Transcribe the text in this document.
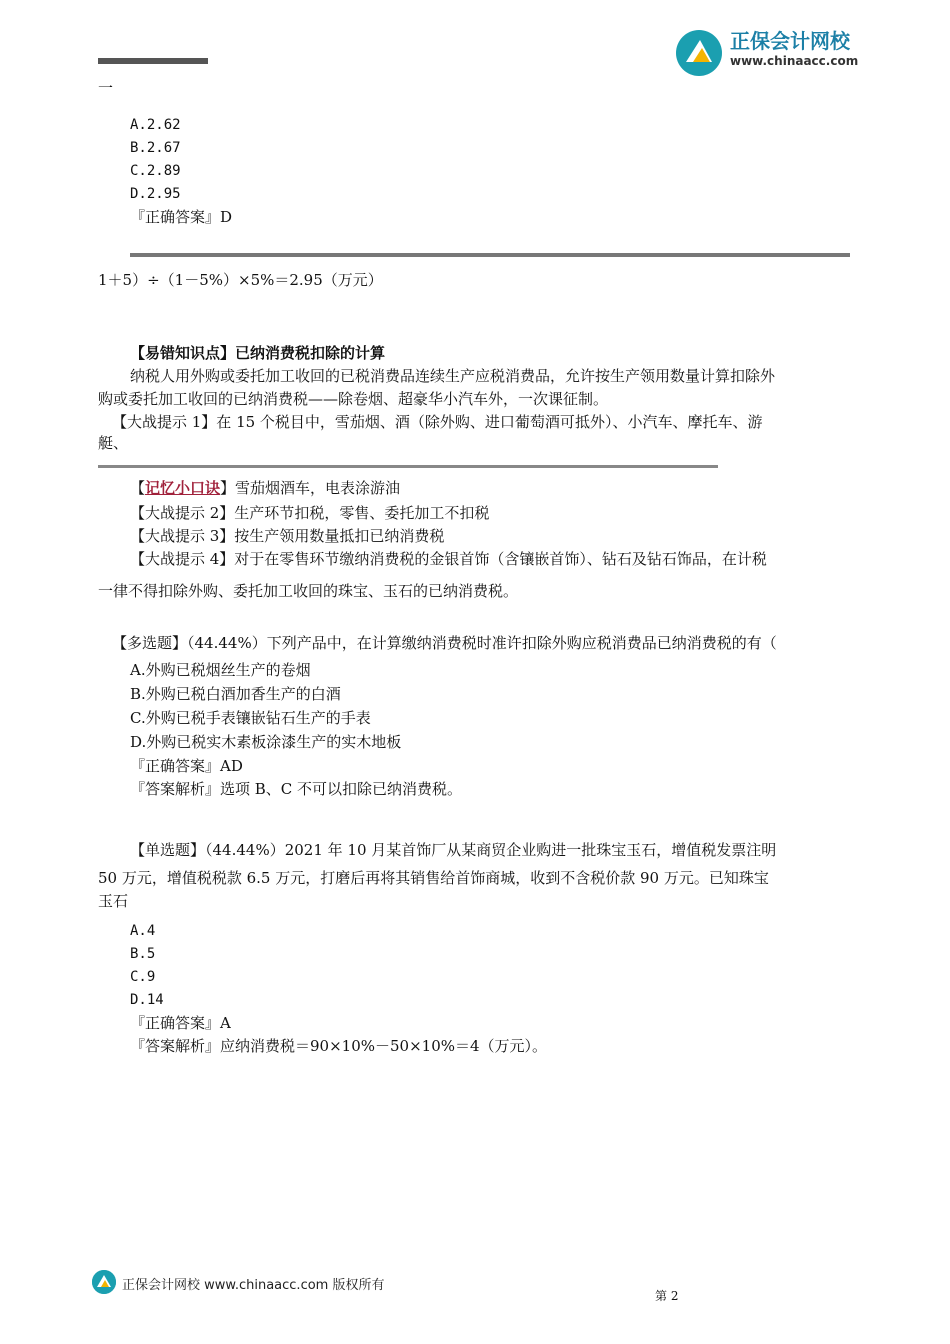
正保会计网校
www.chinaacc.com
一
A.2.62
B.2.67
C.2.89
D.2.95
『正确答案』D
1＋5）÷（1－5%）×5%＝2.95（万元）
【易错知识点】已纳消费税扣除的计算
纳税人用外购或委托加工收回的已税消费品连续生产应税消费品，允许按生产领用数量计算扣除外
购或委托加工收回的已纳消费税——除卷烟、超豪华小汽车外，一次课征制。
【大战提示 1】在 15 个税目中，雪茄烟、酒（除外购、进口葡萄酒可抵外）、小汽车、摩托车、游
艇、
【记忆小口诀】雪茄烟酒车，电表涂游油
【大战提示 2】生产环节扣税，零售、委托加工不扣税
【大战提示 3】按生产领用数量抵扣已纳消费税
【大战提示 4】对于在零售环节缴纳消费税的金银首饰（含镶嵌首饰）、钻石及钻石饰品，在计税
一律不得扣除外购、委托加工收回的珠宝、玉石的已纳消费税。
【多选题】（44.44%）下列产品中，在计算缴纳消费税时准许扣除外购应税消费品已纳消费税的有（
A.外购已税烟丝生产的卷烟
B.外购已税白酒加香生产的白酒
C.外购已税手表镶嵌钻石生产的手表
D.外购已税实木素板涂漆生产的实木地板
『正确答案』AD
『答案解析』选项 B、C 不可以扣除已纳消费税。
【单选题】（44.44%）2021 年 10 月某首饰厂从某商贸企业购进一批珠宝玉石，增值税发票注明
50 万元，增值税税款 6.5 万元，打磨后再将其销售给首饰商城，收到不含税价款 90 万元。已知珠宝
玉石
A.4
B.5
C.9
D.14
『正确答案』A
『答案解析』应纳消费税＝90×10%－50×10%＝4（万元）。
正保会计网校 www.chinaacc.com 版权所有
第 2
